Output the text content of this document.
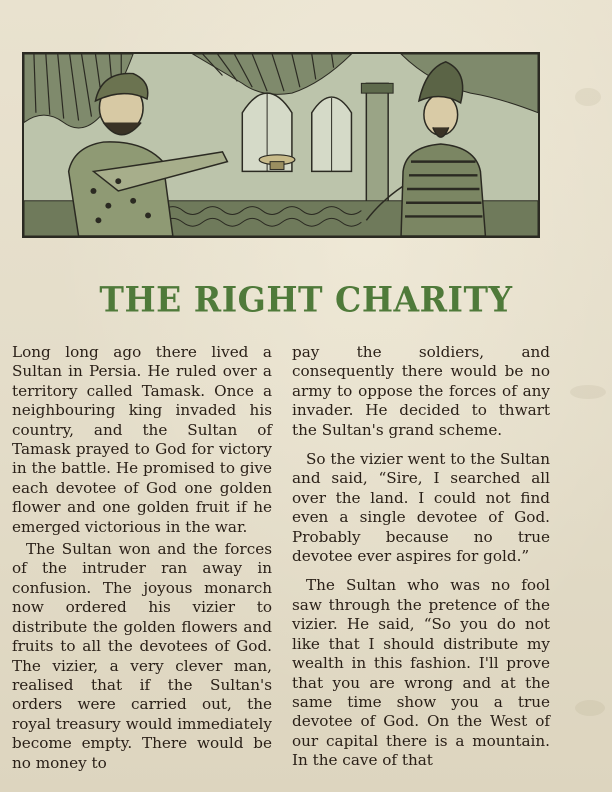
THE RIGHT CHARITY

Long long ago there lived a Sultan in Persia. He ruled over a territory called Tamask. Once a neighbouring king invaded his country, and the Sultan of Tamask prayed to God for victory in the battle. He promised to give each devotee of God one golden flower and one golden fruit if he emerged victorious in the war.

The Sultan won and the forces of the intruder ran away in confusion. The joyous monarch now ordered his vizier to distribute the golden flowers and fruits to all the devotees of God. The vizier, a very clever man, realised that if the Sultan's orders were carried out, the royal treasury would immediately become empty. There would be no money to

pay the soldiers, and consequently there would be no army to oppose the forces of any invader. He decided to thwart the Sultan's grand scheme.

So the vizier went to the Sultan and said, “Sire, I searched all over the land. I could not find even a single devotee of God. Probably because no true devotee ever aspires for gold.”

The Sultan who was no fool saw through the pretence of the vizier. He said, “So you do not like that I should distribute my wealth in this fashion. I'll prove that you are wrong and at the same time show you a true devotee of God. On the West of our capital there is a mountain. In the cave of that
